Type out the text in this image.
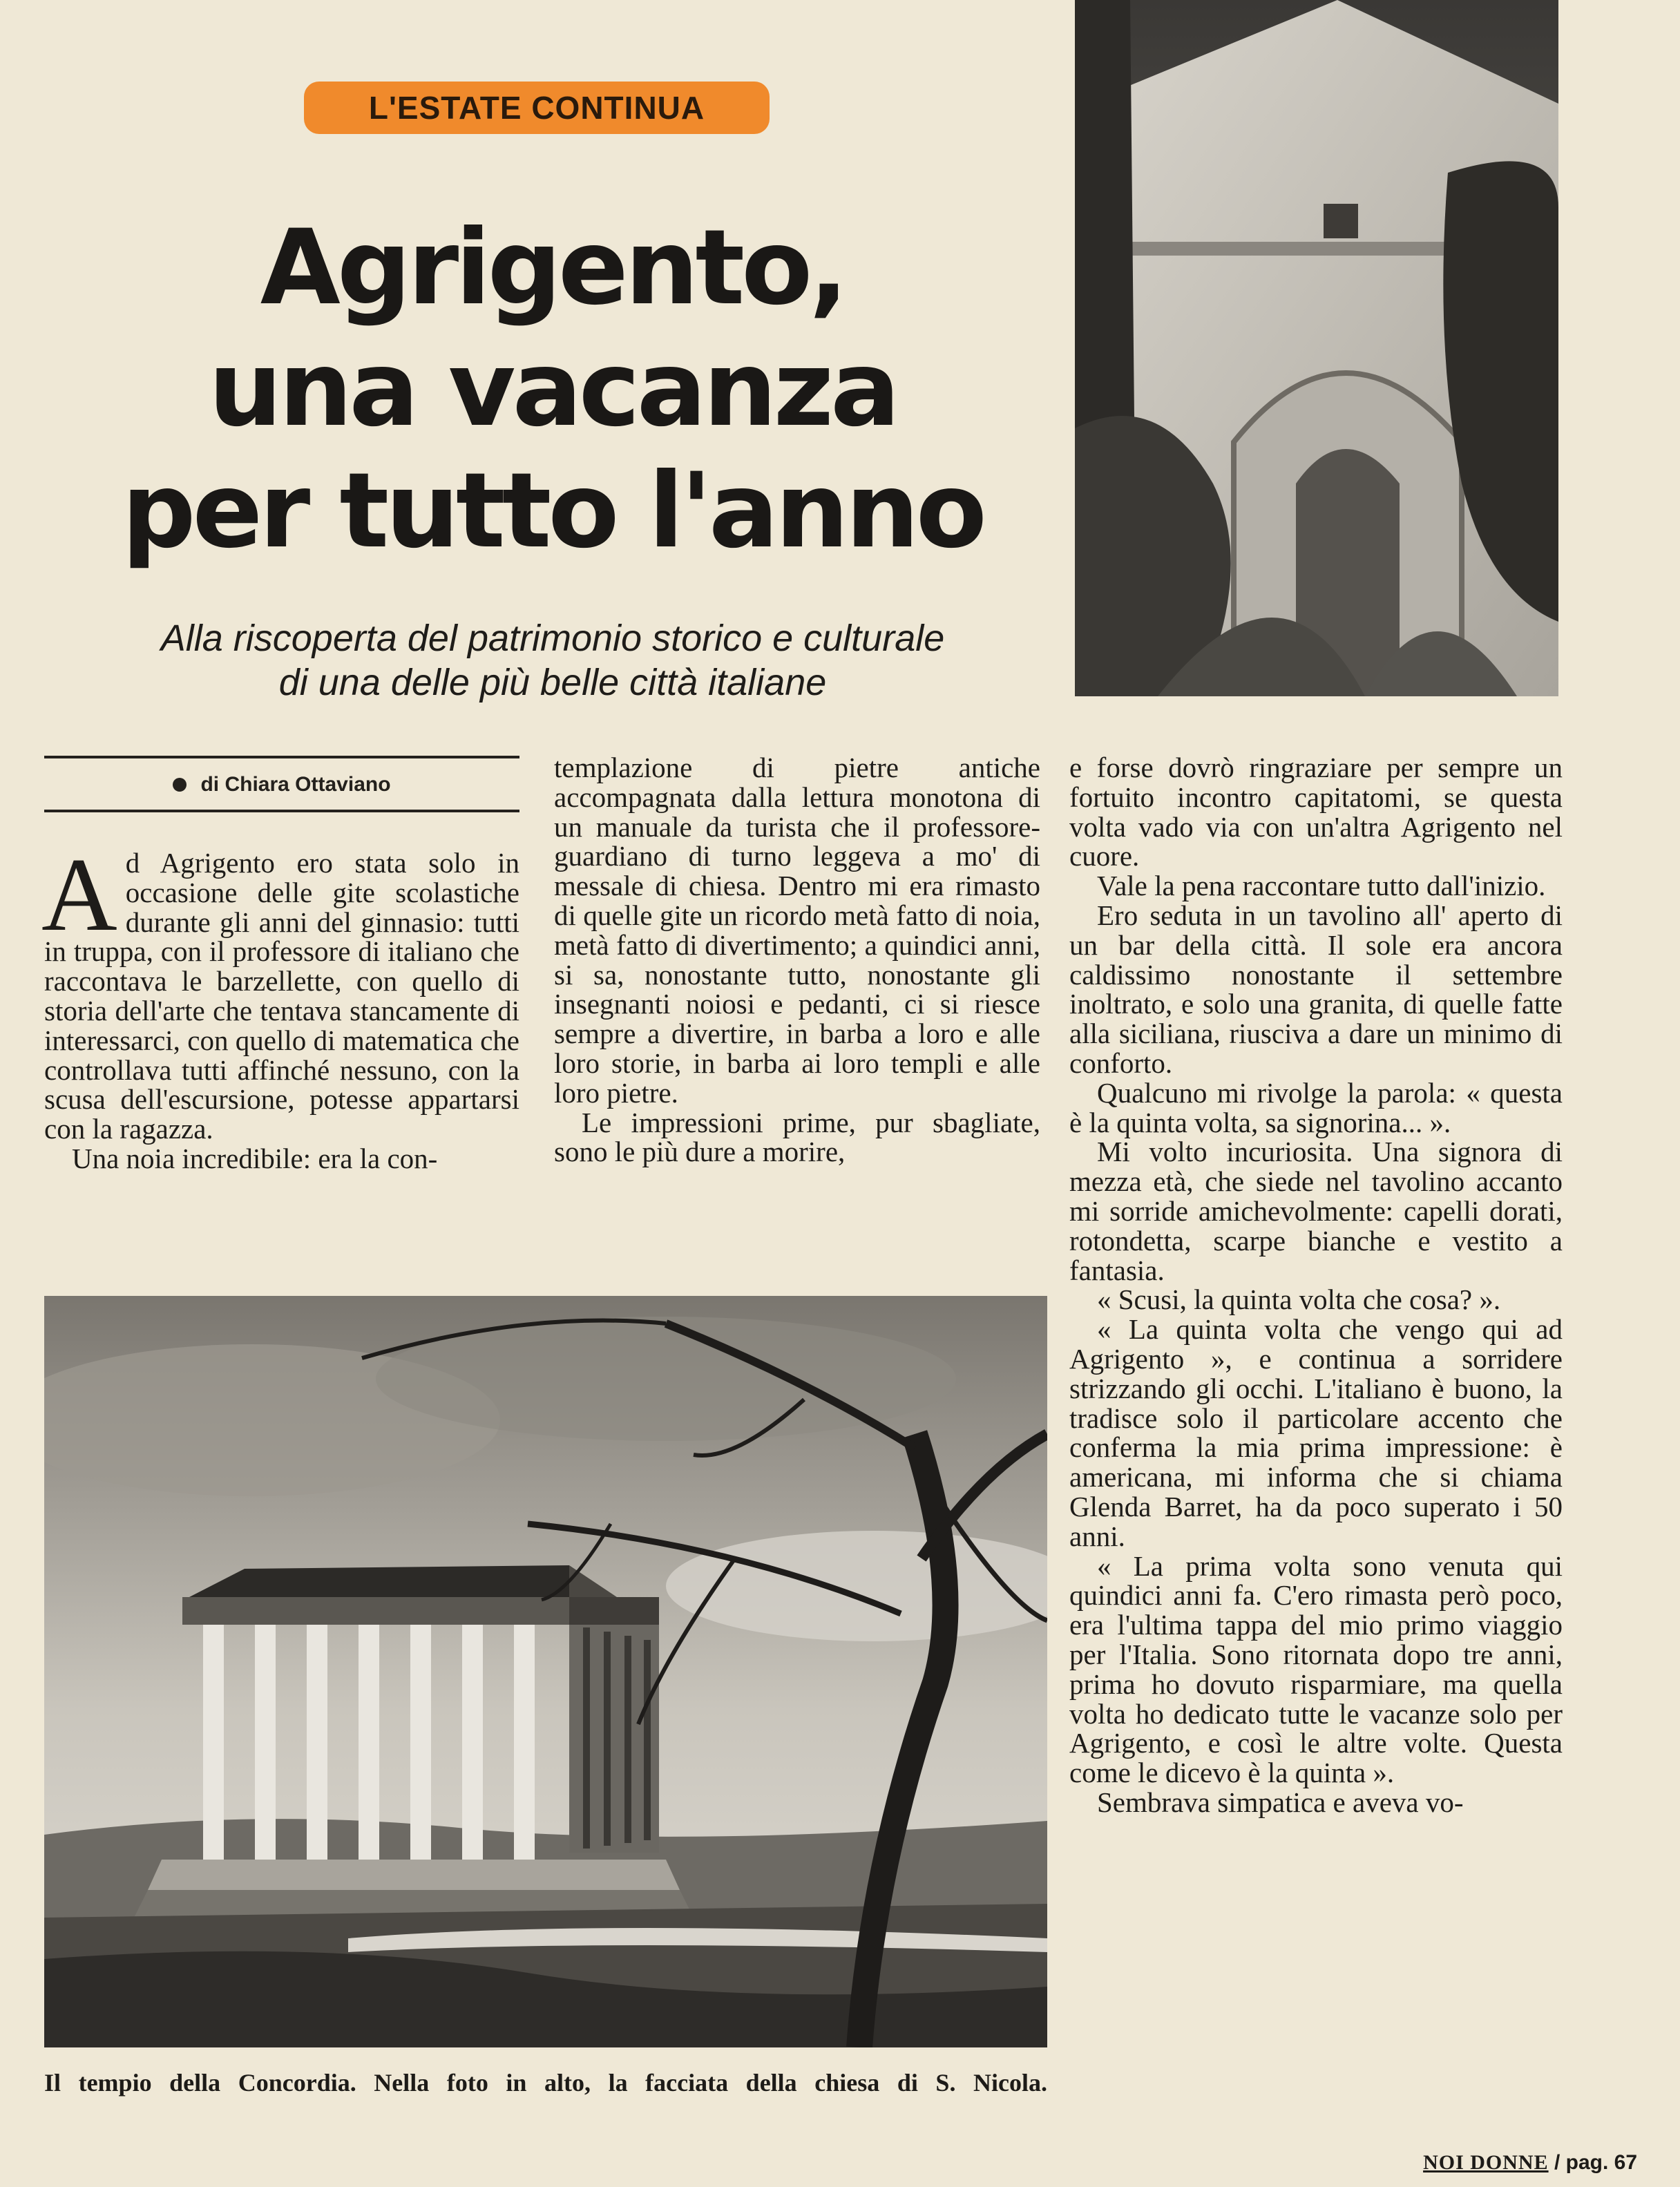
L'ESTATE CONTINUA
Agrigento,
una vacanza
per tutto l'anno
Alla riscoperta del patrimonio storico e culturale
di una delle più belle città italiane
di Chiara Ottaviano

Ad Agrigento ero stata solo in occasione delle gite scolastiche durante gli anni del ginnasio: tutti in truppa, con il professore di italiano che raccontava le barzellette, con quello di storia dell'arte che tentava stancamente di interessarci, con quello di matematica che controllava tutti affinché nessuno, con la scusa dell'escursione, potesse appartarsi con la ragazza.

Una noia incredibile: era la con-

templazione di pietre antiche accompagnata dalla lettura monotona di un manuale da turista che il professore-guardiano di turno leggeva a mo' di messale di chiesa. Dentro mi era rimasto di quelle gite un ricordo metà fatto di noia, metà fatto di divertimento; a quindici anni, si sa, nonostante tutto, nonostante gli insegnanti noiosi e pedanti, ci si riesce sempre a divertire, in barba a loro e alle loro storie, in barba ai loro templi e alle loro pietre.

Le impressioni prime, pur sbagliate, sono le più dure a morire,

e forse dovrò ringraziare per sempre un fortuito incontro capitatomi, se questa volta vado via con un'altra Agrigento nel cuore.

Vale la pena raccontare tutto dall'inizio.

Ero seduta in un tavolino all' aperto di un bar della città. Il sole era ancora caldissimo nonostante il settembre inoltrato, e solo una granita, di quelle fatte alla siciliana, riusciva a dare un minimo di conforto.

Qualcuno mi rivolge la parola: « questa è la quinta volta, sa signorina... ».

Mi volto incuriosita. Una signora di mezza età, che siede nel tavolino accanto mi sorride amichevolmente: capelli dorati, rotondetta, scarpe bianche e vestito a fantasia.

« Scusi, la quinta volta che cosa? ».

« La quinta volta che vengo qui ad Agrigento », e continua a sorridere strizzando gli occhi. L'italiano è buono, la tradisce solo il particolare accento che conferma la mia prima impressione: è americana, mi informa che si chiama Glenda Barret, ha da poco superato i 50 anni.

« La prima volta sono venuta qui quindici anni fa. C'ero rimasta però poco, era l'ultima tappa del mio primo viaggio per l'Italia. Sono ritornata dopo tre anni, prima ho dovuto risparmiare, ma quella volta ho dedicato tutte le vacanze solo per Agrigento, e così le altre volte. Questa come le dicevo è la quinta ».

Sembrava simpatica e aveva vo-

Il tempio della Concordia. Nella foto in alto, la facciata della chiesa di S. Nicola.
NOI DONNE / pag. 67
